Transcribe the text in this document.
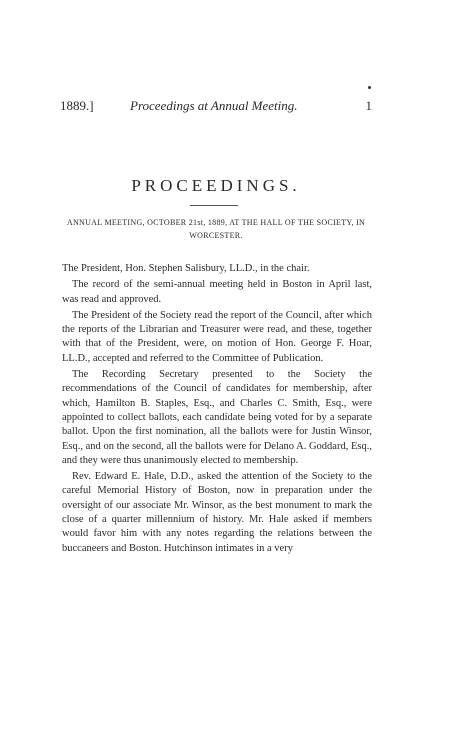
1889.]	Proceedings at Annual Meeting.	1
PROCEEDINGS.
ANNUAL MEETING, OCTOBER 21st, 1889, AT THE HALL OF THE SOCIETY, IN WORCESTER.

The President, Hon. Stephen Salisbury, LL.D., in the chair.

The record of the semi-annual meeting held in Boston in April last, was read and approved.

The President of the Society read the report of the Council, after which the reports of the Librarian and Treasurer were read, and these, together with that of the President, were, on motion of Hon. George F. Hoar, LL.D., accepted and referred to the Committee of Publication.

The Recording Secretary presented to the Society the recommendations of the Council of candidates for membership, after which, Hamilton B. Staples, Esq., and Charles C. Smith, Esq., were appointed to collect ballots, each candidate being voted for by a separate ballot. Upon the first nomination, all the ballots were for Justin Winsor, Esq., and on the second, all the ballots were for Delano A. Goddard, Esq., and they were thus unanimously elected to membership.

Rev. Edward E. Hale, D.D., asked the attention of the Society to the careful Memorial History of Boston, now in preparation under the oversight of our associate Mr. Winsor, as the best monument to mark the close of a quarter millennium of history. Mr. Hale asked if members would favor him with any notes regarding the relations between the buccaneers and Boston. Hutchinson intimates in a very
